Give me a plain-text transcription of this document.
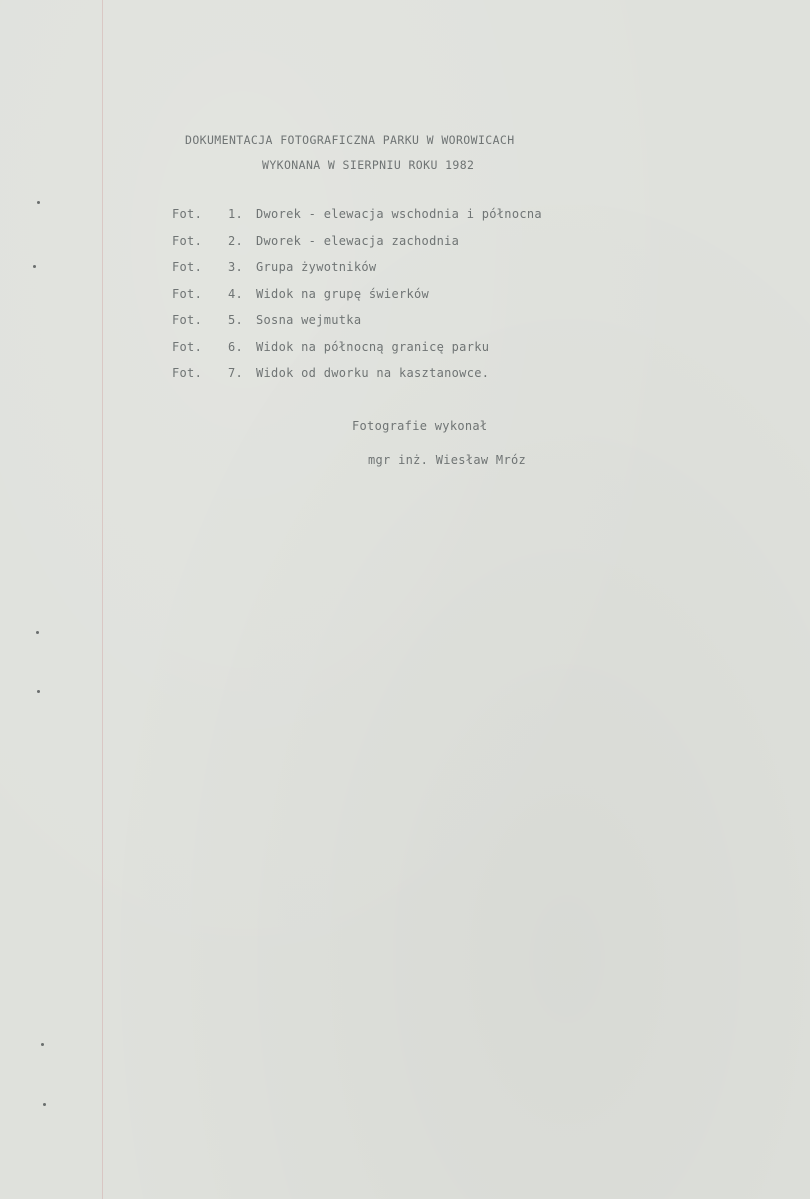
DOKUMENTACJA FOTOGRAFICZNA PARKU W WOROWICACH
WYKONANA W SIERPNIU ROKU 1982
Fot. 1. Dworek - elewacja wschodnia i północna
Fot. 2. Dworek - elewacja zachodnia
Fot. 3. Grupa żywotników
Fot. 4. Widok na grupę świerków
Fot. 5. Sosna wejmutka
Fot. 6. Widok na północną granicę parku
Fot. 7. Widok od dworku na kasztanowce.
Fotografie wykonał
mgr inż. Wiesław Mróz
